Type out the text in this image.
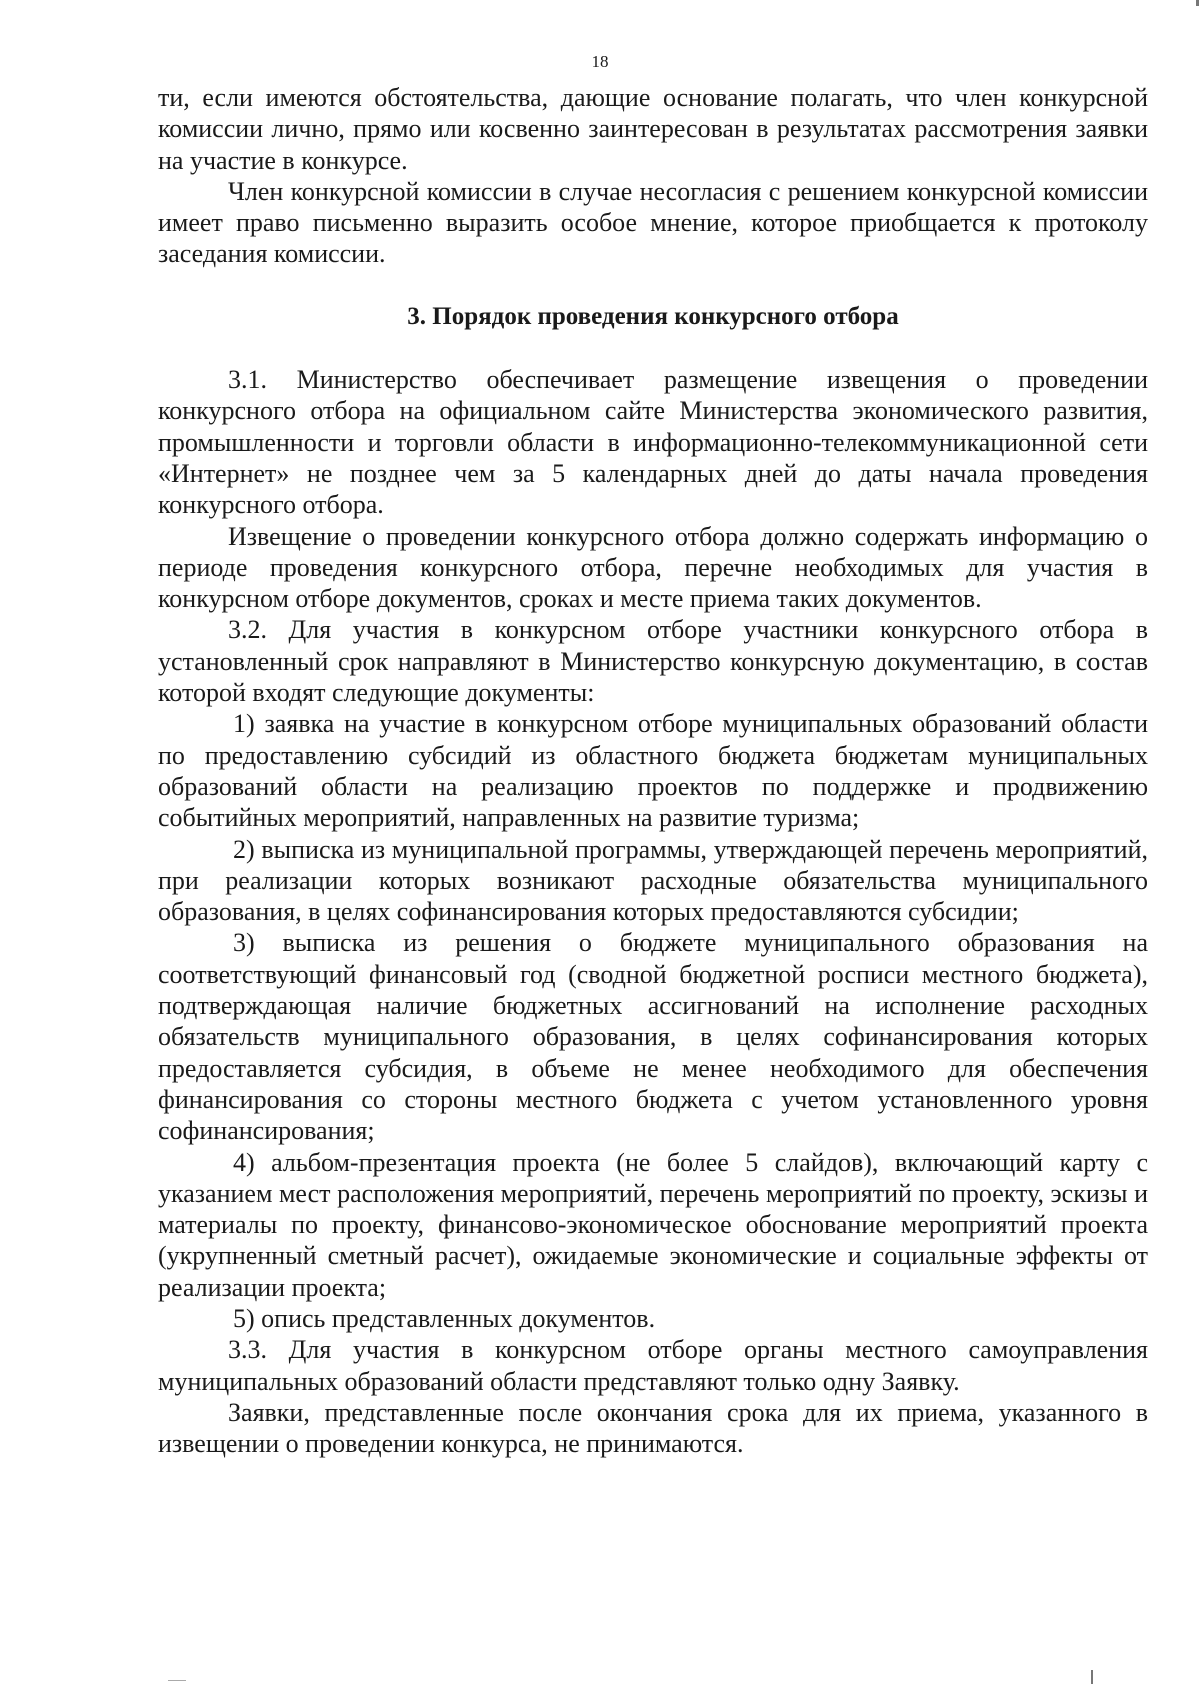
18

ти, если имеются обстоятельства, дающие основание полагать, что член конкурсной комиссии лично, прямо или косвенно заинтересован в результатах рассмотрения заявки на участие в конкурсе.

Член конкурсной комиссии в случае несогласия с решением конкурсной комиссии имеет право письменно выразить особое мнение, которое приобщается к протоколу заседания комиссии.

3. Порядок проведения конкурсного отбора

3.1. Министерство обеспечивает размещение извещения о проведении конкурсного отбора на официальном сайте Министерства экономического развития, промышленности и торговли области в информационно-телекоммуникационной сети «Интернет» не позднее чем за 5 календарных дней до даты начала проведения конкурсного отбора.

Извещение о проведении конкурсного отбора должно содержать информацию о периоде проведения конкурсного отбора, перечне необходимых для участия в конкурсном отборе документов, сроках и месте приема таких документов.

3.2. Для участия в конкурсном отборе участники конкурсного отбора в установленный срок направляют в Министерство конкурсную документацию, в состав которой входят следующие документы:

1) заявка на участие в конкурсном отборе муниципальных образований области по предоставлению субсидий из областного бюджета бюджетам муниципальных образований области на реализацию проектов по поддержке и продвижению событийных мероприятий, направленных на развитие туризма;

2) выписка из муниципальной программы, утверждающей перечень мероприятий, при реализации которых возникают расходные обязательства муниципального образования, в целях софинансирования которых предоставляются субсидии;

3) выписка из решения о бюджете муниципального образования на соответствующий финансовый год (сводной бюджетной росписи местного бюджета), подтверждающая наличие бюджетных ассигнований на исполнение расходных обязательств муниципального образования, в целях софинансирования которых предоставляется субсидия, в объеме не менее необходимого для обеспечения финансирования со стороны местного бюджета с учетом установленного уровня софинансирования;

4) альбом-презентация проекта (не более 5 слайдов), включающий карту с указанием мест расположения мероприятий, перечень мероприятий по проекту, эскизы и материалы по проекту, финансово-экономическое обоснование мероприятий проекта (укрупненный сметный расчет), ожидаемые экономические и социальные эффекты от реализации проекта;

5) опись представленных документов.

3.3. Для участия в конкурсном отборе органы местного самоуправления муниципальных образований области представляют только одну Заявку.

Заявки, представленные после окончания срока для их приема, указанного в извещении о проведении конкурса, не принимаются.
